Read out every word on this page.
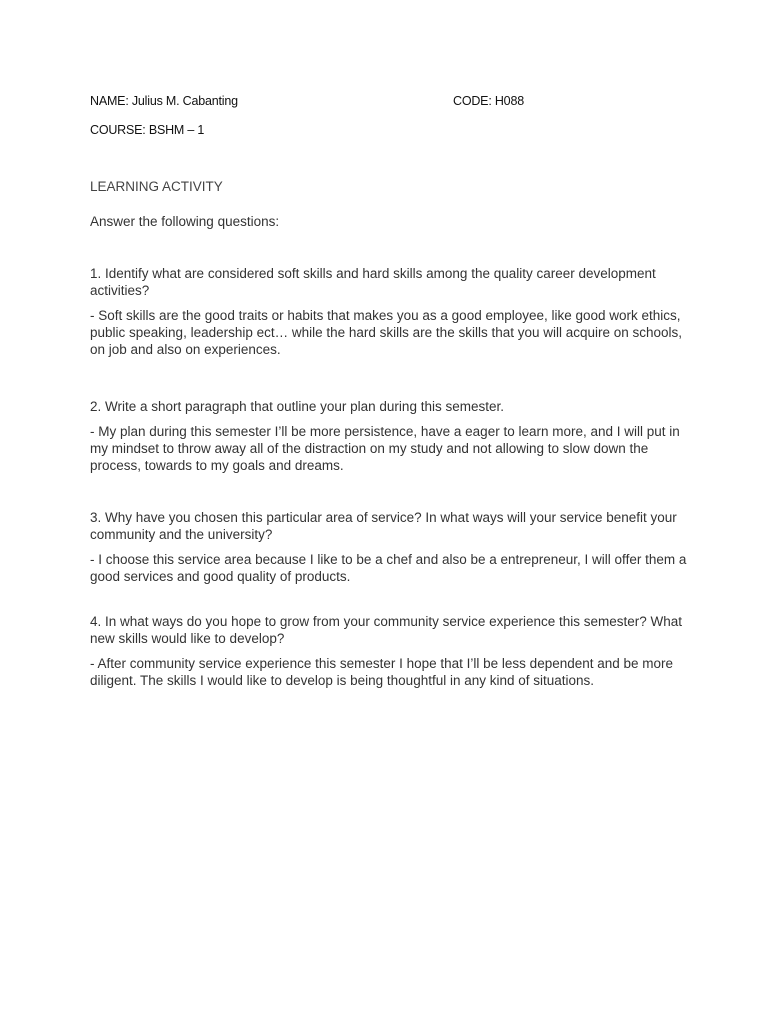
NAME: Julius M. Cabanting	CODE: H088
COURSE: BSHM – 1
LEARNING ACTIVITY
Answer the following questions:

1. Identify what are considered soft skills and hard skills among the quality career development activities?

- Soft skills are the good traits or habits that makes you as a good employee, like good work ethics, public speaking, leadership ect… while the hard skills are the skills that you will acquire on schools, on job and also on experiences.

2. Write a short paragraph that outline your plan during this semester.

- My plan during this semester I’ll be more persistence, have a eager to learn more, and I will put in my mindset to throw away all of the distraction on my study and not allowing to slow down the process, towards to my goals and dreams.

3. Why have you chosen this particular area of service? In what ways will your service benefit your community and the university?

- I choose this service area because I like to be a chef and also be a entrepreneur, I will offer them a good services and good quality of products.

4. In what ways do you hope to grow from your community service experience this semester? What new skills would like to develop?

- After community service experience this semester I hope that I’ll be less dependent and be more diligent. The skills I would like to develop is being thoughtful in any kind of situations.
